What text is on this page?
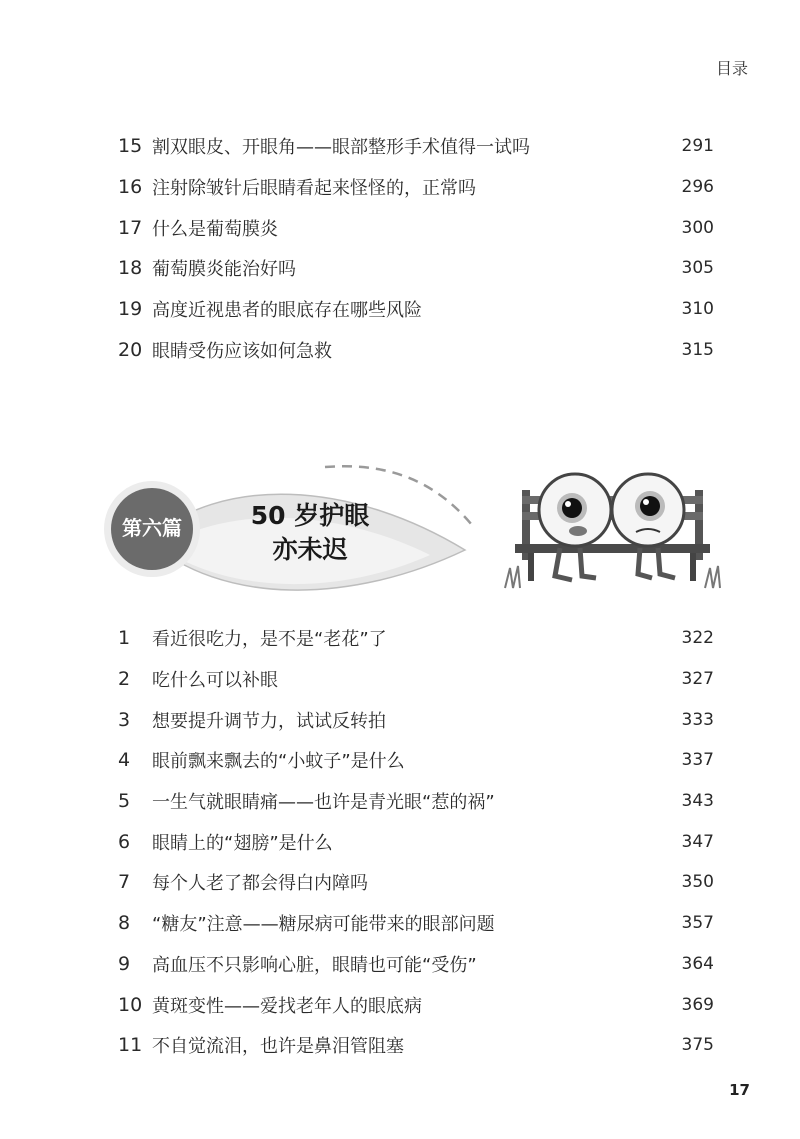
目录
15 割双眼皮、开眼角——眼部整形手术值得一试吗	291
16 注射除皱针后眼睛看起来怪怪的，正常吗	296
17 什么是葡萄膜炎	300
18 葡萄膜炎能治好吗	305
19 高度近视患者的眼底存在哪些风险	310
20 眼睛受伤应该如何急救	315
第六篇	50 岁护眼
亦未迟
1	看近很吃力，是不是“老花”了	322
2	吃什么可以补眼	327
3	想要提升调节力，试试反转拍	333
4	眼前飘来飘去的“小蚊子”是什么	337
5	一生气就眼睛痛——也许是青光眼“惹的祸”	343
6	眼睛上的“翅膀”是什么	347
7	每个人老了都会得白内障吗	350
8	“糖友”注意——糖尿病可能带来的眼部问题	357
9	高血压不只影响心脏，眼睛也可能“受伤”	364
10 黄斑变性——爱找老年人的眼底病	369
11 不自觉流泪，也许是鼻泪管阻塞	375
17
